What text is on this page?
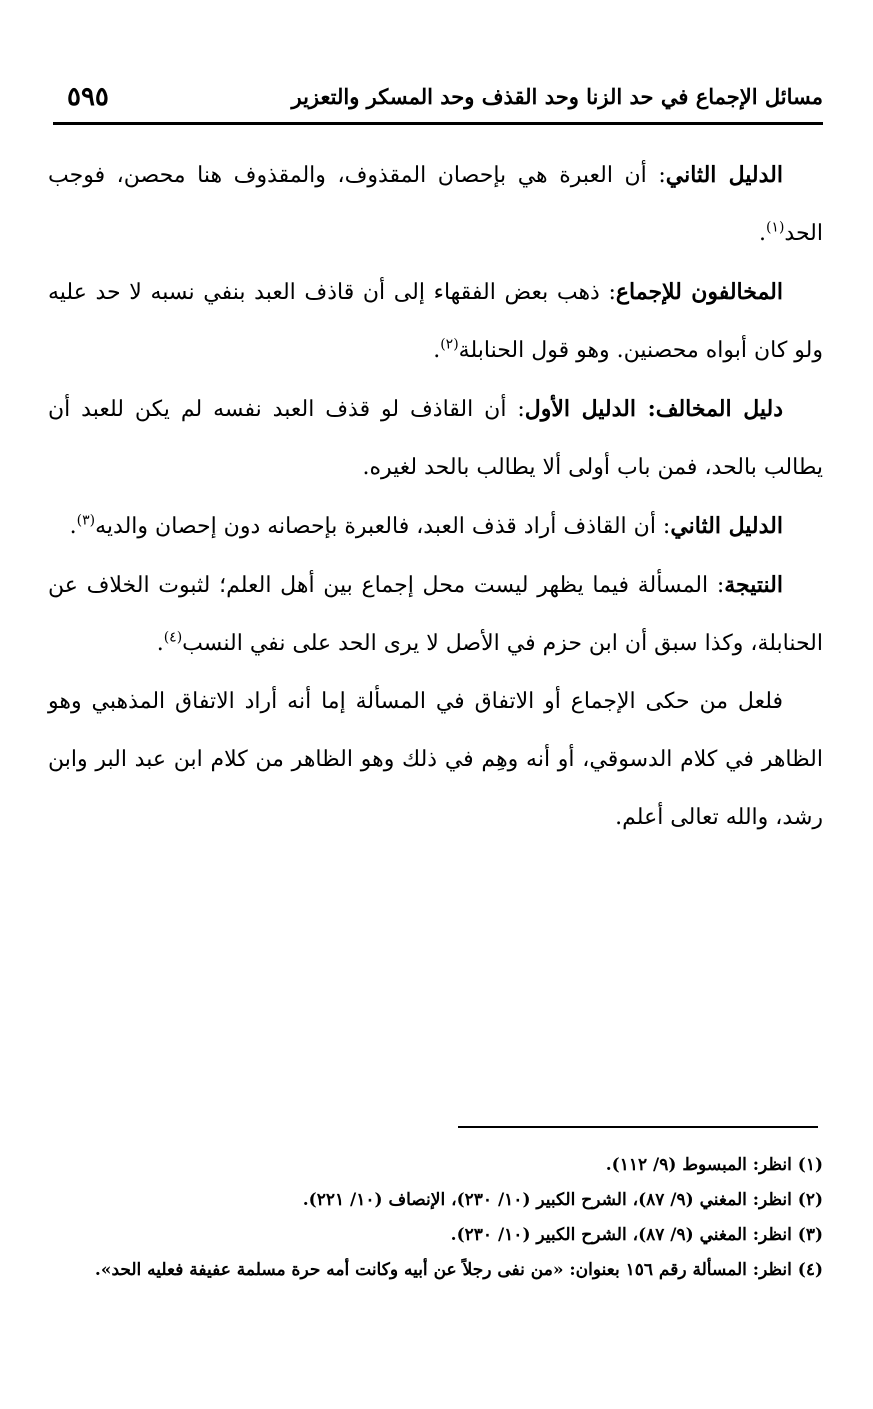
مسائل الإجماع في حد الزنا وحد القذف وحد المسكر والتعزير
٥٩٥

الدليل الثاني: أن العبرة هي بإحصان المقذوف، والمقذوف هنا محصن، فوجب الحد$^{(١)}$.

المخالفون للإجماع: ذهب بعض الفقهاء إلى أن قاذف العبد بنفي نسبه لا حد عليه ولو كان أبواه محصنين. وهو قول الحنابلة$^{(٢)}$.

دليل المخالف: الدليل الأول: أن القاذف لو قذف العبد نفسه لم يكن للعبد أن يطالب بالحد، فمن باب أولى ألا يطالب بالحد لغيره.

الدليل الثاني: أن القاذف أراد قذف العبد، فالعبرة بإحصانه دون إحصان والديه$^{(٣)}$.

النتيجة: المسألة فيما يظهر ليست محل إجماع بين أهل العلم؛ لثبوت الخلاف عن الحنابلة، وكذا سبق أن ابن حزم في الأصل لا يرى الحد على نفي النسب$^{(٤)}$.

فلعل من حكى الإجماع أو الاتفاق في المسألة إما أنه أراد الاتفاق المذهبي وهو الظاهر في كلام الدسوقي، أو أنه وهِم في ذلك وهو الظاهر من كلام ابن عبد البر وابن رشد، والله تعالى أعلم.

(١) انظر: المبسوط (٩/ ١١٢).

(٢) انظر: المغني (٩/ ٨٧)، الشرح الكبير (١٠/ ٢٣٠)، الإنصاف (١٠/ ٢٢١).

(٣) انظر: المغني (٩/ ٨٧)، الشرح الكبير (١٠/ ٢٣٠).

(٤) انظر: المسألة رقم ١٥٦ بعنوان: «من نفى رجلاً عن أبيه وكانت أمه حرة مسلمة عفيفة فعليه الحد».
